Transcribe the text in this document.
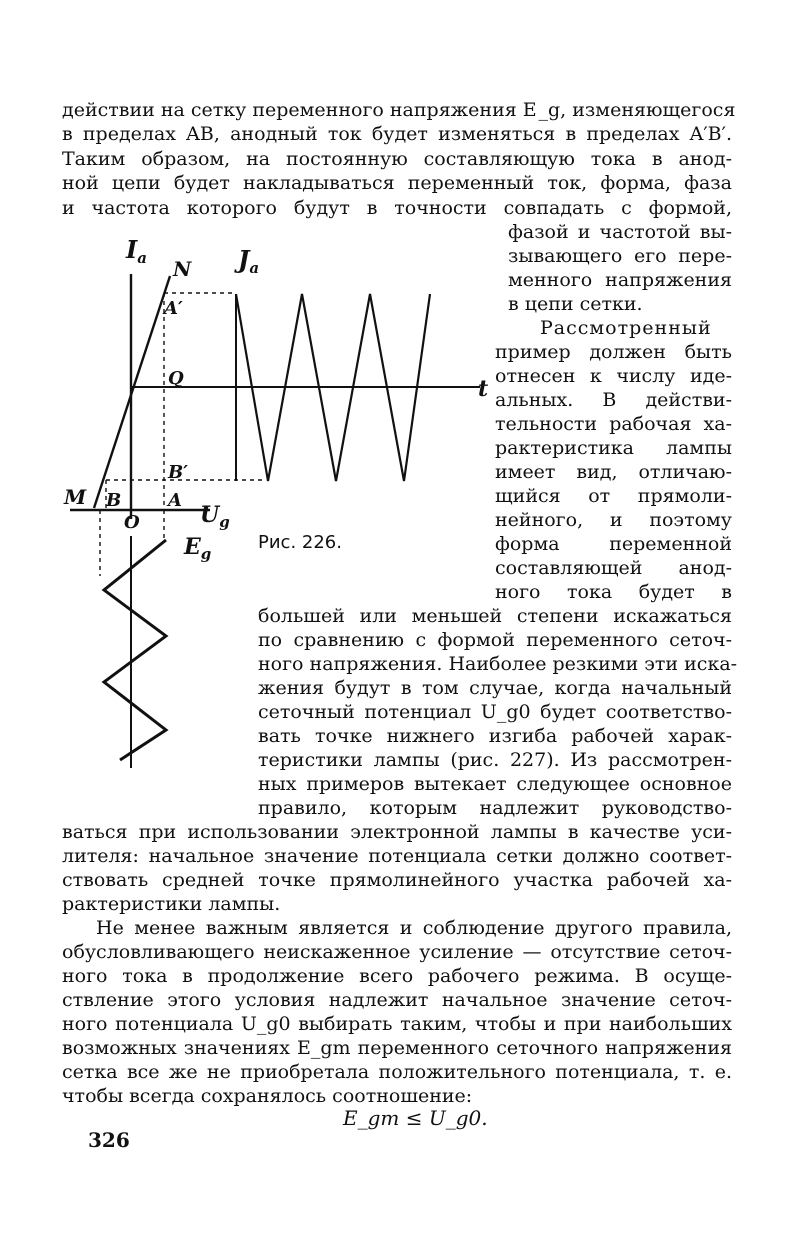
действии на сетку переменного напряжения E _g, изменяющегося
в пределах AB, анодный ток будет изменяться в пределах A′B′.
Таким образом, на постоянную составляющую тока в анод-
ной цепи будет накладываться переменный ток, форма, фаза
и частота которого будут в точности совпадать с формой,
фазой и частотой вы-
зывающего его пере-
менного напряжения
в цепи сетки.
Рассмотренный
пример должен быть
отнесен к числу иде-
альных. В действи-
тельности рабочая ха-
рактеристика лампы
имеет вид, отличаю-
щийся от прямоли-
нейного, и поэтому
форма переменной
составляющей анод-
ного тока будет в
большей или меньшей степени искажаться
по сравнению с формой переменного сеточ-
ного напряжения. Наиболее резкими эти иска-
жения будут в том случае, когда начальный
сеточный потенциал U_g0 будет соответство-
вать точке нижнего изгиба рабочей харак-
теристики лампы (рис. 227). Из рассмотрен-
ных примеров вытекает следующее основное
правило, которым надлежит руководство-
ваться при использовании электронной лампы в качестве уси-
лителя: начальное значение потенциала сетки должно соответ-
ствовать средней точке прямолинейного участка рабочей ха-
рактеристики лампы.
Не менее важным является и соблюдение другого правила,
обусловливающего неискаженное усиление — отсутствие сеточ-
ного тока в продолжение всего рабочего режима. В осуще-
ствление этого условия надлежит начальное значение сеточ-
ного потенциала U_g0 выбирать таким, чтобы и при наибольших
возможных значениях E_gm переменного сеточного напряжения
сетка все же не приобретала положительного потенциала, т. е.
чтобы всегда сохранялось соотношение:
E_gm ≤ U_g0.
326
$I_a$	$J_a$
N
A′
Q
B′
M B	A
O	$U_g$
$E_g$
t
Рис. 226.
